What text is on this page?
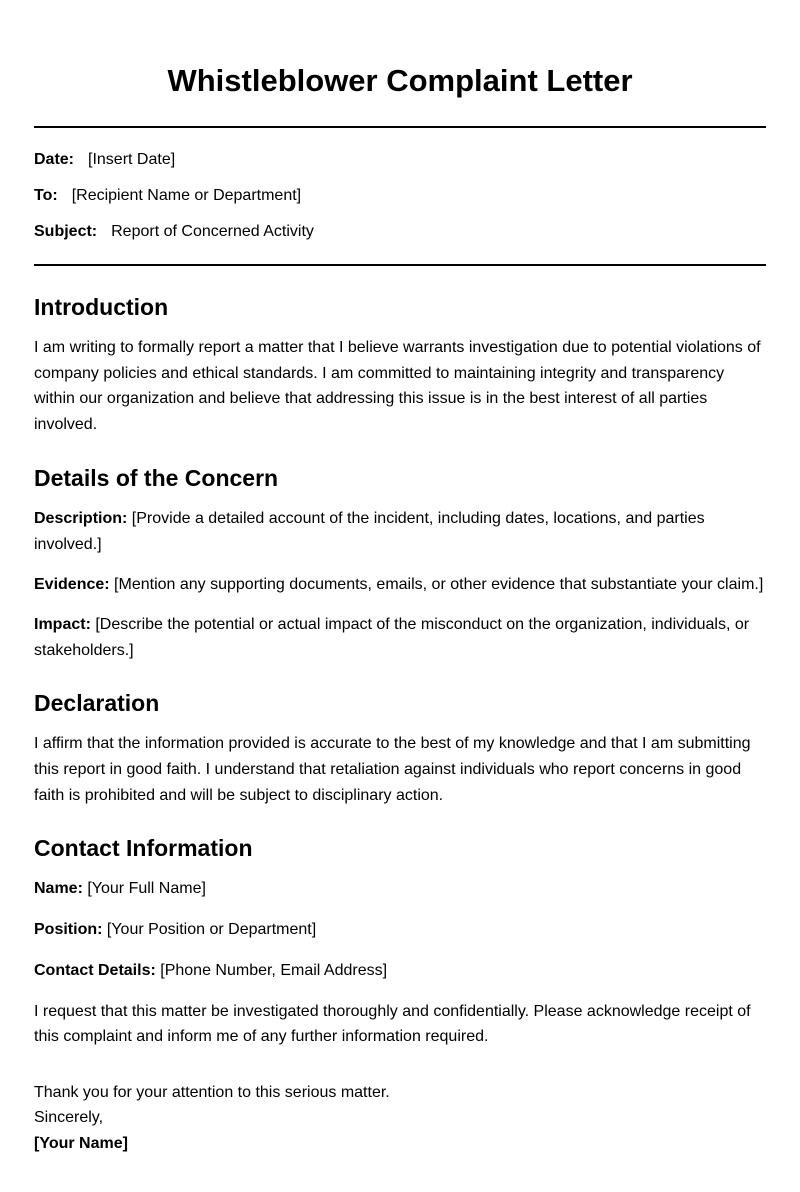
Whistleblower Complaint Letter
Date: [Insert Date]
To: [Recipient Name or Department]
Subject: Report of Concerned Activity
Introduction

I am writing to formally report a matter that I believe warrants investigation due to potential violations of company policies and ethical standards. I am committed to maintaining integrity and transparency within our organization and believe that addressing this issue is in the best interest of all parties involved.

Details of the Concern

Description: [Provide a detailed account of the incident, including dates, locations, and parties involved.]

Evidence: [Mention any supporting documents, emails, or other evidence that substantiate your claim.]

Impact: [Describe the potential or actual impact of the misconduct on the organization, individuals, or stakeholders.]

Declaration

I affirm that the information provided is accurate to the best of my knowledge and that I am submitting this report in good faith. I understand that retaliation against individuals who report concerns in good faith is prohibited and will be subject to disciplinary action.

Contact Information

Name: [Your Full Name]

Position: [Your Position or Department]

Contact Details: [Phone Number, Email Address]

I request that this matter be investigated thoroughly and confidentially. Please acknowledge receipt of this complaint and inform me of any further information required.

Thank you for your attention to this serious matter.
Sincerely,
[Your Name]
